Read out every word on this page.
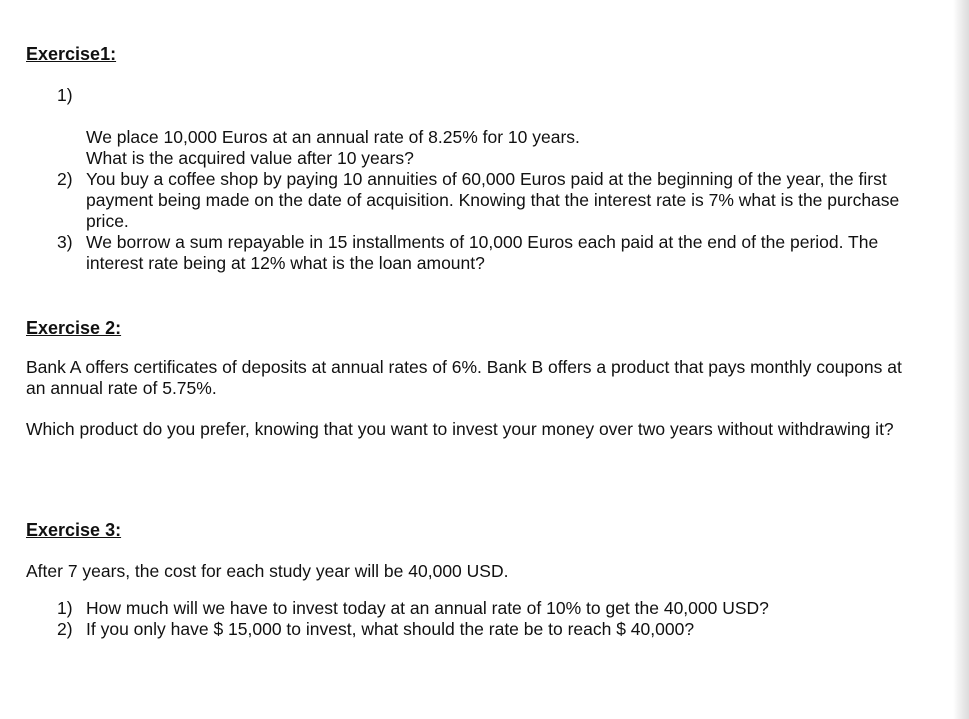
Exercise1:

1)

We place 10,000 Euros at an annual rate of 8.25% for 10 years.
What is the acquired value after 10 years?

2) You buy a coffee shop by paying 10 annuities of 60,000 Euros paid at the beginning of the year, the first payment being made on the date of acquisition. Knowing that the interest rate is 7% what is the purchase price.
3) We borrow a sum repayable in 15 installments of 10,000 Euros each paid at the end of the period. The interest rate being at 12% what is the loan amount?
Exercise 2:

Bank A offers certificates of deposits at annual rates of 6%. Bank B offers a product that pays monthly coupons at an annual rate of 5.75%.

Which product do you prefer, knowing that you want to invest your money over two years without withdrawing it?

Exercise 3:

After 7 years, the cost for each study year will be 40,000 USD.

1) How much will we have to invest today at an annual rate of 10% to get the 40,000 USD?
2) If you only have $ 15,000 to invest, what should the rate be to reach $ 40,000?
